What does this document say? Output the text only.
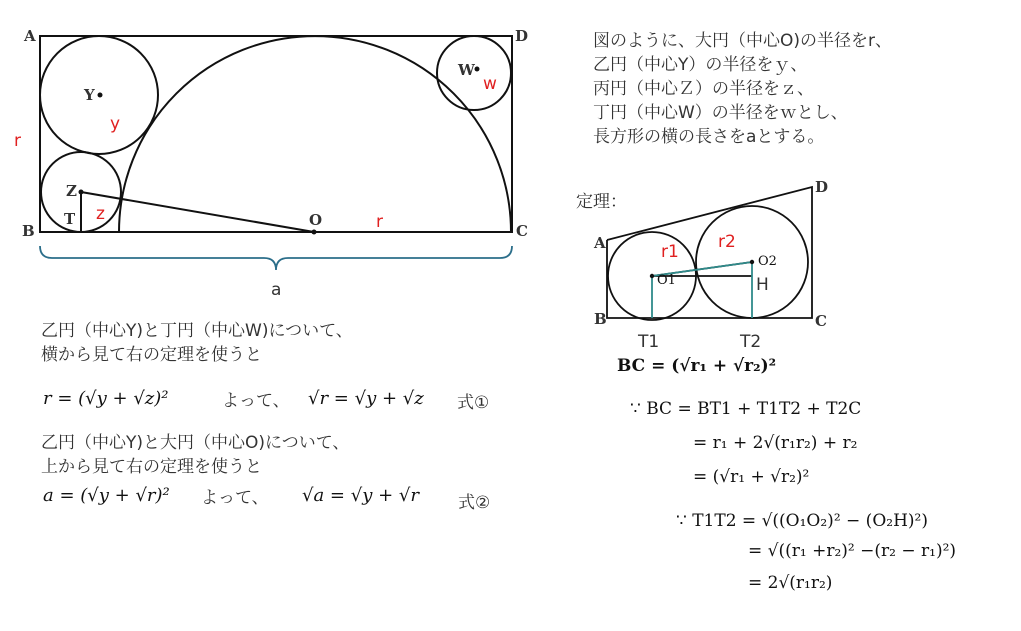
A
B	C
D
Y
Z
W
T	O
r
y
z
w
r
a
図のように、大円（中心O)の半径をr、
乙円（中心Y）の半径をｙ、
丙円（中心Ｚ）の半径をｚ、
丁円（中心W）の半径をｗとし、
長方形の横の長さをaとする。
定理：
A
B	C
D
r1 r2
O1
O2
H
T1	T2
BC = (√r₁ + √r₂)²
∵ BC = BT1 + T1T2 + T2C
= r₁ + 2√(r₁r₂) + r₂
= (√r₁ + √r₂)²
∵ T1T2 = √((O₁O₂)² − (O₂H)²)
= √((r₁ +r₂)² −(r₂ − r₁)²)
= 2√(r₁r₂)
乙円（中心Y)と丁円（中心W)について、
横から見て右の定理を使うと
r = (√y + √z)²	よって、 √r = √y + √z 式①
乙円（中心Y)と大円（中心O)について、
上から見て右の定理を使うと
a = (√y + √r)² よって、 √a = √y + √r 式②
